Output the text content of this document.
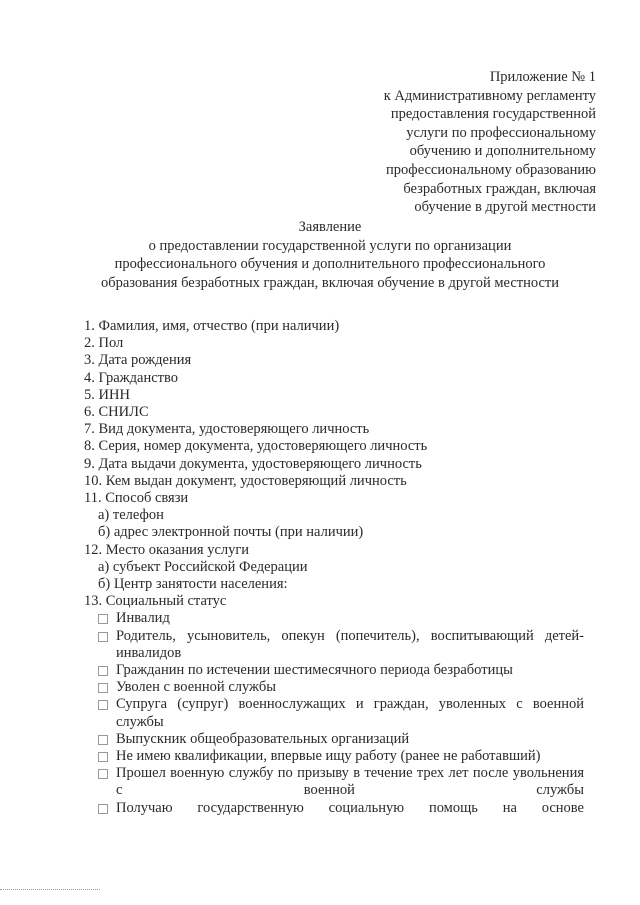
Приложение № 1
к Административному регламенту
предоставления государственной
услуги по профессиональному
обучению и дополнительному
профессиональному образованию
безработных граждан, включая
обучение в другой местности
Заявление
о предоставлении государственной услуги по организации
профессионального обучения и дополнительного профессионального
образования безработных граждан, включая обучение в другой местности
1. Фамилия, имя, отчество (при наличии)
2. Пол
3. Дата рождения
4. Гражданство
5. ИНН
6. СНИЛС
7. Вид документа, удостоверяющего личность
8. Серия, номер документа, удостоверяющего личность
9. Дата выдачи документа, удостоверяющего личность
10. Кем выдан документ, удостоверяющий личность
11. Способ связи
а) телефон
б) адрес электронной почты (при наличии)
12. Место оказания услуги
а) субъект Российской Федерации
б) Центр занятости населения:
13. Социальный статус
Инвалид
Родитель, усыновитель, опекун (попечитель), воспитывающий детей-инвалидов
Гражданин по истечении шестимесячного периода безработицы
Уволен с военной службы
Супруга (супруг) военнослужащих и граждан, уволенных с военной службы
Выпускник общеобразовательных организаций
Не имею квалификации, впервые ищу работу (ранее не работавший)
Прошел военную службу по призыву в течение трех лет после увольнения с военной службы
Получаю государственную социальную помощь на основе
